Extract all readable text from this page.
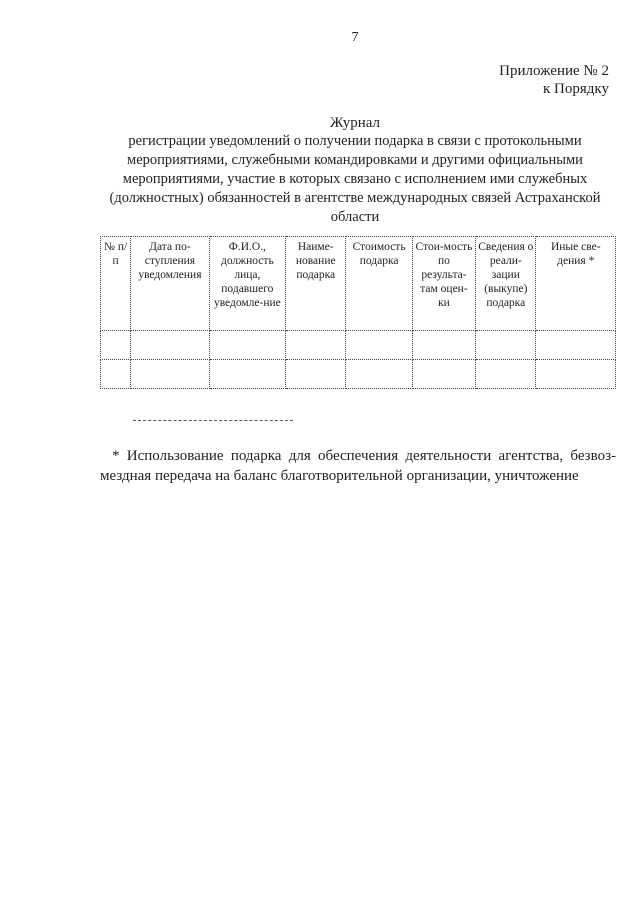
7
Приложение № 2
к Порядку
Журнал
регистрации уведомлений о получении подарка в связи с протокольными мероприятиями, служебными командировками и другими официальными мероприятиями, участие в которых связано с исполнением ими служебных (должностных) обязанностей в агентстве международных связей Астраханской области
№ п/п	Дата по-ступления уведомления	Ф.И.О., должность лица, подавшего уведомле-ние	Наиме-нование подарка	Стоимость подарка	Стои-мость по результа-там оцен-ки	Сведения о реали-зации (выкупе) подарка	Иные све-дения *

* Использование подарка для обеспечения деятельности агентства, безвоз-мездная передача на баланс благотворительной организации, уничтожение
